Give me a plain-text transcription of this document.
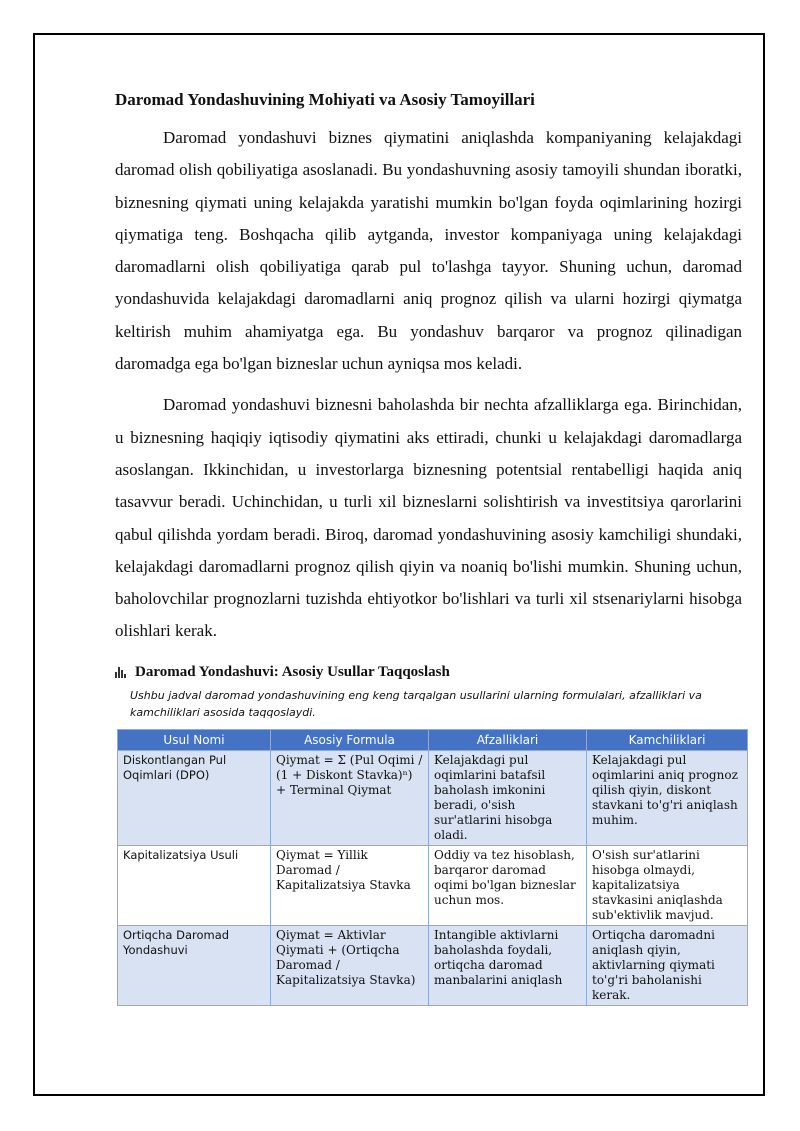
Daromad Yondashuvining Mohiyati va Asosiy Tamoyillari

Daromad yondashuvi biznes qiymatini aniqlashda kompaniyaning kelajakdagi daromad olish qobiliyatiga asoslanadi. Bu yondashuvning asosiy tamoyili shundan iboratki, biznesning qiymati uning kelajakda yaratishi mumkin bo'lgan foyda oqimlarining hozirgi qiymatiga teng. Boshqacha qilib aytganda, investor kompaniyaga uning kelajakdagi daromadlarni olish qobiliyatiga qarab pul to'lashga tayyor. Shuning uchun, daromad yondashuvida kelajakdagi daromadlarni aniq prognoz qilish va ularni hozirgi qiymatga keltirish muhim ahamiyatga ega. Bu yondashuv barqaror va prognoz qilinadigan daromadga ega bo'lgan bizneslar uchun ayniqsa mos keladi.

Daromad yondashuvi biznesni baholashda bir nechta afzalliklarga ega. Birinchidan, u biznesning haqiqiy iqtisodiy qiymatini aks ettiradi, chunki u kelajakdagi daromadlarga asoslangan. Ikkinchidan, u investorlarga biznesning potentsial rentabelligi haqida aniq tasavvur beradi. Uchinchidan, u turli xil bizneslarni solishtirish va investitsiya qarorlarini qabul qilishda yordam beradi. Biroq, daromad yondashuvining asosiy kamchiligi shundaki, kelajakdagi daromadlarni prognoz qilish qiyin va noaniq bo'lishi mumkin. Shuning uchun, baholovchilar prognozlarni tuzishda ehtiyotkor bo'lishlari va turli xil stsenariylarni hisobga olishlari kerak.

Daromad Yondashuvi: Asosiy Usullar Taqqoslash
Ushbu jadval daromad yondashuvining eng keng tarqalgan usullarini ularning formulalari, afzalliklari va kamchiliklari asosida taqqoslaydi.
Usul Nomi	Asosiy Formula	Afzalliklari	Kamchiliklari
Diskontlangan Pul Oqimlari (DPO)	Qiymat = Σ (Pul Oqimi / (1 + Diskont Stavka)ⁿ) + Terminal Qiymat	Kelajakdagi pul oqimlarini batafsil baholash imkonini beradi, o'sish sur'atlarini hisobga oladi.	Kelajakdagi pul oqimlarini aniq prognoz qilish qiyin, diskont stavkani to'g'ri aniqlash muhim.
Kapitalizatsiya Usuli	Qiymat = Yillik Daromad / Kapitalizatsiya Stavka	Oddiy va tez hisoblash, barqaror daromad oqimi bo'lgan bizneslar uchun mos.	O'sish sur'atlarini hisobga olmaydi, kapitalizatsiya stavkasini aniqlashda sub'ektivlik mavjud.
Ortiqcha Daromad Yondashuvi	Qiymat = Aktivlar Qiymati + (Ortiqcha Daromad / Kapitalizatsiya Stavka)	Intangible aktivlarni baholashda foydali, ortiqcha daromad manbalarini aniqlash	Ortiqcha daromadni aniqlash qiyin, aktivlarning qiymati to'g'ri baholanishi kerak.
